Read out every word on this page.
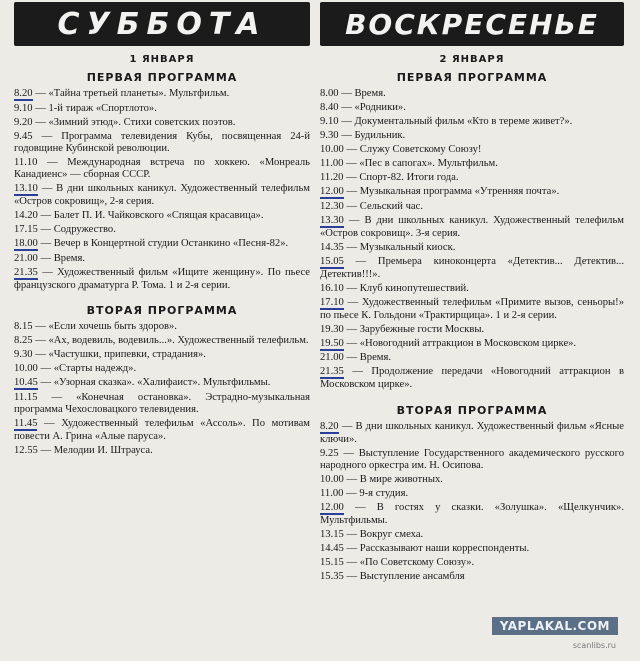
СУББОТА
1 ЯНВАРЯ
ПЕРВАЯ ПРОГРАММА
8.20 — «Тайна третьей планеты». Мультфильм.
9.10 — 1-й тираж «Спортлото».
9.20 — «Зимний этюд». Стихи советских поэтов.
9.45 — Программа телевидения Кубы, посвященная 24-й годовщине Кубинской революции.
11.10 — Международная встреча по хоккею. «Монреаль Канадиенс» — сборная СССР.
13.10 — В дни школьных каникул. Художественный телефильм «Остров сокровищ», 2-я серия.
14.20 — Балет П. И. Чайковского «Спящая красавица».
17.15 — Содружество.
18.00 — Вечер в Концертной студии Останкино «Песня-82».
21.00 — Время.
21.35 — Художественный фильм «Ищите женщину». По пьесе французского драматурга Р. Тома. 1 и 2-я серии.
ВТОРАЯ ПРОГРАММА
8.15 — «Если хочешь быть здоров».
8.25 — «Ах, водевиль, водевиль...». Художественный телефильм.
9.30 — «Частушки, припевки, страдания».
10.00 — «Старты надежд».
10.45 — «Узорная сказка». «Халифаист». Мультфильмы.
11.15 — «Конечная остановка». Эстрадно-музыкальная программа Чехословацкого телевидения.
11.45 — Художественный телефильм «Ассоль». По мотивам повести А. Грина «Алые паруса».
12.55 — Мелодии И. Штрауса.
ВОСКРЕСЕНЬЕ
2 ЯНВАРЯ
ПЕРВАЯ ПРОГРАММА
8.00 — Время.
8.40 — «Родники».
9.10 — Документальный фильм «Кто в тереме живет?».
9.30 — Будильник.
10.00 — Служу Советскому Союзу!
11.00 — «Пес в сапогах». Мультфильм.
11.20 — Спорт-82. Итоги года.
12.00 — Музыкальная программа «Утренняя почта».
12.30 — Сельский час.
13.30 — В дни школьных каникул. Художественный телефильм «Остров сокровищ». 3-я серия.
14.35 — Музыкальный киоск.
15.05 — Премьера киноконцерта «Детектив... Детектив... Детектив!!!».
16.10 — Клуб кинопутешествий.
17.10 — Художественный телефильм «Примите вызов, сеньоры!» по пьесе К. Гольдони «Трактирщица». 1 и 2-я серии.
19.30 — Зарубежные гости Москвы.
19.50 — «Новогодний аттракцион в Московском цирке».
21.00 — Время.
21.35 — Продолжение передачи «Новогодний аттракцион в Московском цирке».
ВТОРАЯ ПРОГРАММА
8.20 — В дни школьных каникул. Художественный фильм «Ясные ключи».
9.25 — Выступление Государственного академического русского народного оркестра им. Н. Осипова.
10.00 — В мире животных.
11.00 — 9-я студия.
12.00 — В гостях у сказки. «Золушка». «Щелкунчик». Мультфильмы.
13.15 — Вокруг смеха.
14.45 — Рассказывают наши корреспонденты.
15.15 — «По Советскому Союзу».
15.35 — Выступление ансамбля
YAPLAKAL.COM
scanlibs.ru
